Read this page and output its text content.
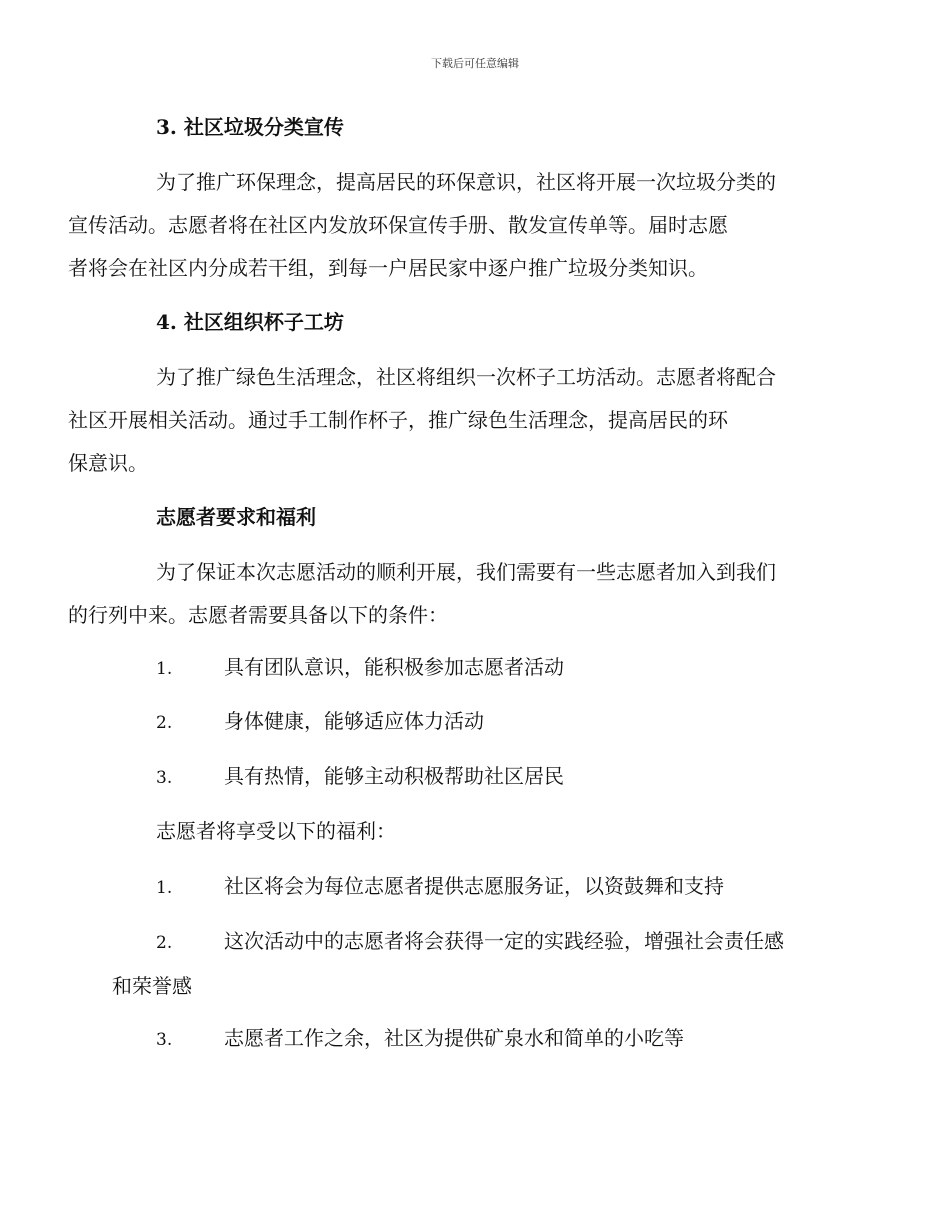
下载后可任意编辑
3. 社区垃圾分类宣传
为了推广环保理念，提高居民的环保意识，社区将开展一次垃圾分类的
宣传活动。志愿者将在社区内发放环保宣传手册、散发宣传单等。届时志愿
者将会在社区内分成若干组，到每一户居民家中逐户推广垃圾分类知识。
4. 社区组织杯子工坊
为了推广绿色生活理念，社区将组织一次杯子工坊活动。志愿者将配合
社区开展相关活动。通过手工制作杯子，推广绿色生活理念，提高居民的环
保意识。
志愿者要求和福利
为了保证本次志愿活动的顺利开展，我们需要有一些志愿者加入到我们
的行列中来。志愿者需要具备以下的条件：
1.	具有团队意识，能积极参加志愿者活动
2.	身体健康，能够适应体力活动
3.	具有热情，能够主动积极帮助社区居民
志愿者将享受以下的福利：
1.	社区将会为每位志愿者提供志愿服务证，以资鼓舞和支持
2.	这次活动中的志愿者将会获得一定的实践经验，增强社会责任感
和荣誉感
3.	志愿者工作之余，社区为提供矿泉水和简单的小吃等
